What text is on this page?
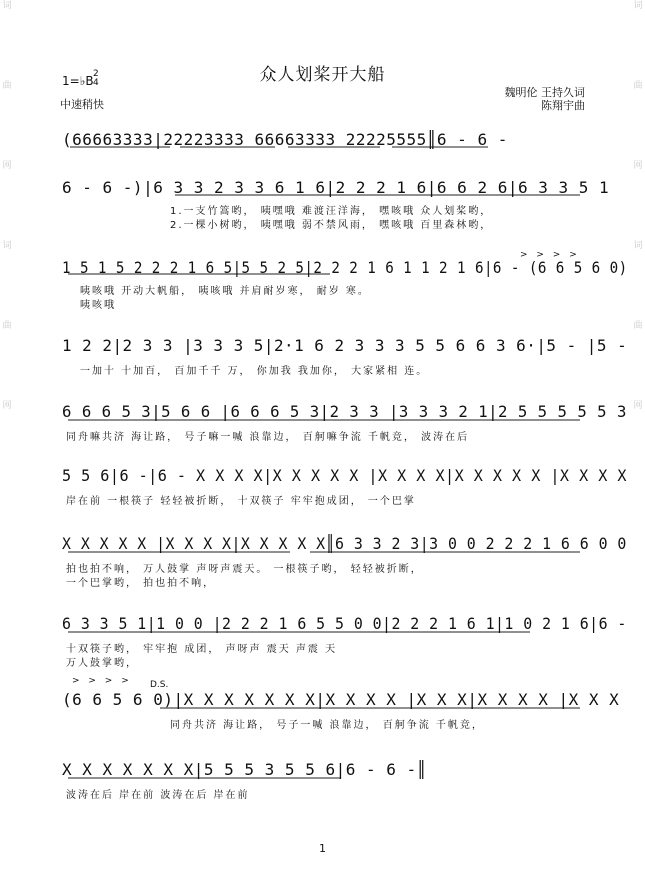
词
曲
网
词
曲
网
词
曲
网
词
曲
网
众人划桨开大船
1=♭B 2
4
中速稍快
魏明伦 王持久词
陈翔宇曲
(66663333|22223333 66663333 22225555║6 - 6 -
6 - 6 -)|6 3 3 2 3 3 6 1 6|2 2 2 1 6|6 6 2 6|6 3 3 5 1
1.一支竹篙哟， 咦嘿哦 难渡汪洋海， 嘿咳哦 众人划桨哟，
2.一棵小树哟， 咦嘿哦 弱不禁风雨， 嘿咳哦 百里森林哟，
> > > >
1 5 1 5 2 2 2 1 6 5|5 5 2 5|2 2 2 1 6 1 1 2 1 6|6 - (6 6 5 6 0)
咦咳哦 开动大帆船， 咦咳哦 并肩耐岁寒， 耐岁 寒。
咦咳哦
1 2 2|2 3 3 |3 3 3 5|2·1 6 2 3 3 3 5 5 6 6 3 6·|5 - |5 -
一加十 十加百， 百加千千 万， 你加我 我加你， 大家紧相 连。
6 6 6 5 3|5 6 6 |6 6 6 5 3|2 3 3 |3 3 3 2 1|2 5 5 5 5 5 3
同舟嘛共济 海让路， 号子嘛一喊 浪靠边， 百舸嘛争流 千帆竞， 波涛在后
5 5 6|6 -|6 - X X X X|X X X X X |X X X X|X X X X X |X X X X
岸在前 一根筷子 轻轻被折断， 十双筷子 牢牢抱成团， 一个巴掌
X X X X X |X X X X|X X X X X║6 3 3 2 3|3 0 0 2 2 2 1 6 6 0 0
拍也拍不响， 万人鼓掌 声呀声震天。 一根筷子哟， 轻轻被折断，
一个巴掌哟， 拍也拍不响，
6 3 3 5 1|1 0 0 |2 2 2 1 6 5 5 0 0|2 2 2 1 6 1|1 0 2 1 6|6 -
十双筷子哟， 牢牢抱 成团， 声呀声 震天 声震 天
万人鼓掌哟，
> > > > D.S.
(6 6 5 6 0)|X X X X X X X|X X X X |X X X|X X X X |X X X
同舟共济 海让路， 号子一喊 浪靠边， 百舸争流 千帆竞，
X X X X X X X|5 5 5 3 5 5 6|6 - 6 -║
波涛在后 岸在前 波涛在后 岸在前
1
